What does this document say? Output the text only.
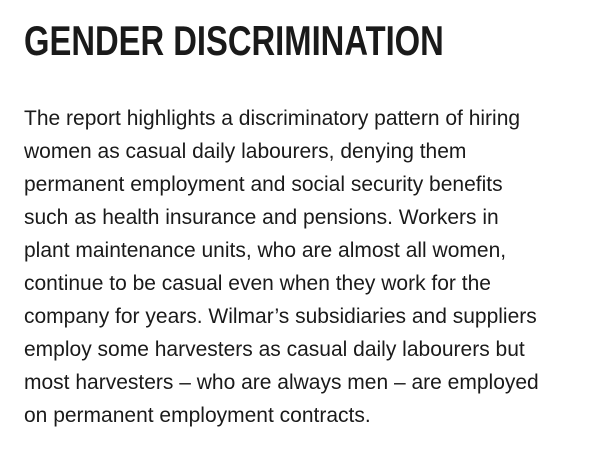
GENDER DISCRIMINATION

The report highlights a discriminatory pattern of hiring
women as casual daily labourers, denying them
permanent employment and social security benefits
such as health insurance and pensions. Workers in
plant maintenance units, who are almost all women,
continue to be casual even when they work for the
company for years. Wilmar’s subsidiaries and suppliers
employ some harvesters as casual daily labourers but
most harvesters – who are always men – are employed
on permanent employment contracts.
